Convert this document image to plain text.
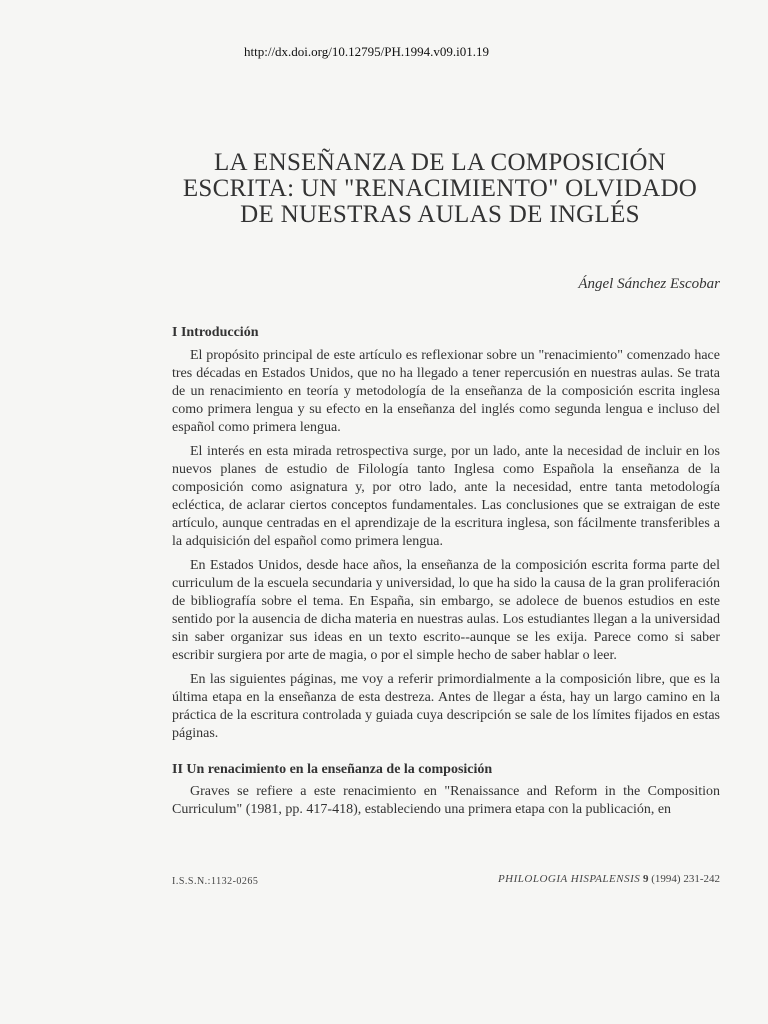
http://dx.doi.org/10.12795/PH.1994.v09.i01.19
LA ENSEÑANZA DE LA COMPOSICIÓN
ESCRITA: UN "RENACIMIENTO" OLVIDADO
DE NUESTRAS AULAS DE INGLÉS
Ángel Sánchez Escobar
I Introducción

El propósito principal de este artículo es reflexionar sobre un "renacimiento" comenzado hace tres décadas en Estados Unidos, que no ha llegado a tener repercusión en nuestras aulas. Se trata de un renacimiento en teoría y metodología de la enseñanza de la composición escrita inglesa como primera lengua y su efecto en la enseñanza del inglés como segunda lengua e incluso del español como primera lengua.

El interés en esta mirada retrospectiva surge, por un lado, ante la necesidad de incluir en los nuevos planes de estudio de Filología tanto Inglesa como Española la enseñanza de la composición como asignatura y, por otro lado, ante la necesidad, entre tanta metodología ecléctica, de aclarar ciertos conceptos fundamentales. Las conclusiones que se extraigan de este artículo, aunque centradas en el aprendizaje de la escritura inglesa, son fácilmente transferibles a la adquisición del español como primera lengua.

En Estados Unidos, desde hace años, la enseñanza de la composición escrita forma parte del curriculum de la escuela secundaria y universidad, lo que ha sido la causa de la gran proliferación de bibliografía sobre el tema. En España, sin embargo, se adolece de buenos estudios en este sentido por la ausencia de dicha materia en nuestras aulas. Los estudiantes llegan a la universidad sin saber organizar sus ideas en un texto escrito--aunque se les exija. Parece como si saber escribir surgiera por arte de magia, o por el simple hecho de saber hablar o leer.

En las siguientes páginas, me voy a referir primordialmente a la composición libre, que es la última etapa en la enseñanza de esta destreza. Antes de llegar a ésta, hay un largo camino en la práctica de la escritura controlada y guiada cuya descripción se sale de los límites fijados en estas páginas.

II Un renacimiento en la enseñanza de la composición

Graves se refiere a este renacimiento en "Renaissance and Reform in the Composition Curriculum" (1981, pp. 417-418), estableciendo una primera etapa con la publicación, en

I.S.S.N.:1132-0265	PHILOLOGIA HISPALENSIS 9 (1994) 231-242
